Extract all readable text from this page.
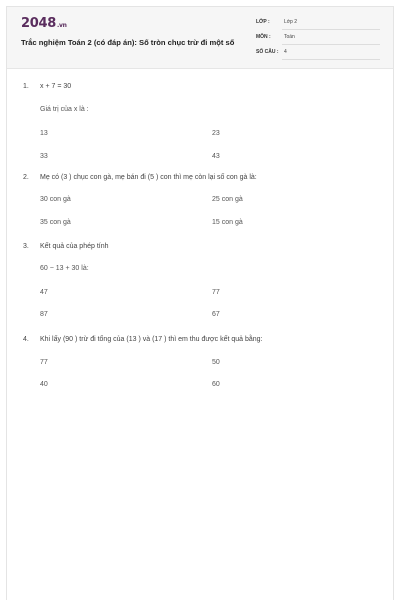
2048.vn
Trắc nghiệm Toán 2 (có đáp án): Số tròn chục trừ đi một số
LỚP :	Lớp 2
MÔN :	Toán
SỐ CÂU : 4
1. x + 7 = 30
Giá trị của x là :
13	23
33	43
2. Mẹ có (3 ) chục con gà, mẹ bán đi (5 ) con thì mẹ còn lại số con gà là:
30 con gà	25 con gà
35 con gà	15 con gà
3. Kết quả của phép tính
60 − 13 + 30 là:
47	77
87	67
4. Khi lấy (90 ) trừ đi tổng của (13 ) và (17 ) thì em thu được kết quả bằng:
77	50
40	60
